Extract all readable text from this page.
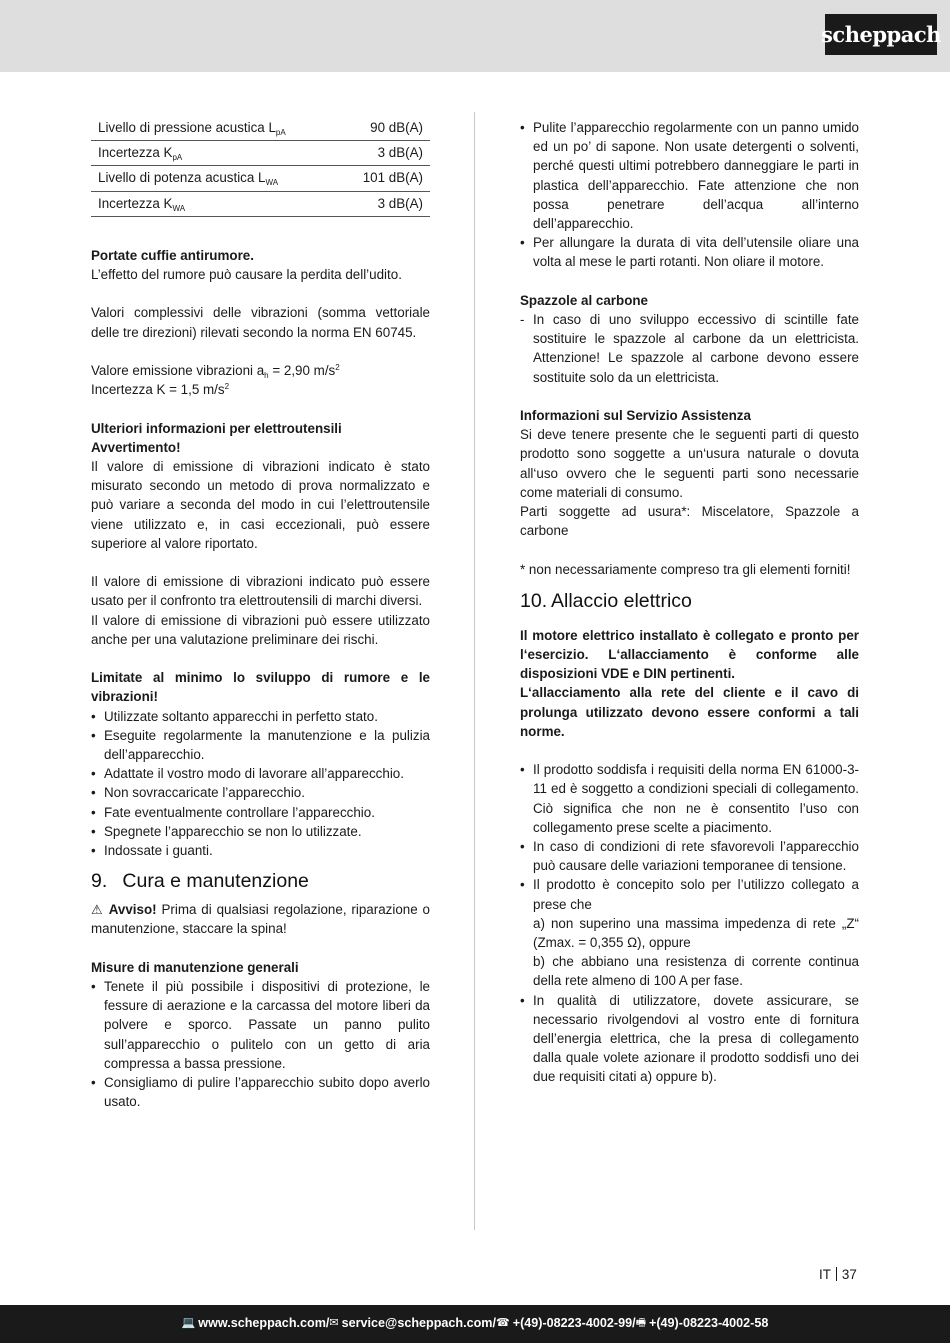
scheppach
Livello di pressione acustica $L_{pA}$	90 dB(A)
Incertezza $K_{pA}$	3 dB(A)
Livello di potenza acustica $L_{WA}$	101 dB(A)
Incertezza $K_{WA}$	3 dB(A)

Portate cuffie antirumore.

L’effetto del rumore può causare la perdita dell’udito.

Valori complessivi delle vibrazioni (somma vettoriale delle tre direzioni) rilevati secondo la norma EN 60745.

Valore emissione vibrazioni $a_h = 2,90$ $m/s^2$

Incertezza K = 1,5 $m/s^2$

Ulteriori informazioni per elettroutensili

Avvertimento!

Il valore di emissione di vibrazioni indicato è stato misurato secondo un metodo di prova normalizzato e può variare a seconda del modo in cui l’elettroutensile viene utilizzato e, in casi eccezionali, può essere superiore al valore riportato.

Il valore di emissione di vibrazioni indicato può essere usato per il confronto tra elettroutensili di marchi diversi.

Il valore di emissione di vibrazioni può essere utilizzato anche per una valutazione preliminare dei rischi.

Limitate al minimo lo sviluppo di rumore e le vibrazioni!

• Utilizzate soltanto apparecchi in perfetto stato.
• Eseguite regolarmente la manutenzione e la pulizia dell’apparecchio.
• Adattate il vostro modo di lavorare all’apparecchio.
• Non sovraccaricate l’apparecchio.
• Fate eventualmente controllare l’apparecchio.
• Spegnete l’apparecchio se non lo utilizzate.
• Indossate i guanti.
9.  Cura e manutenzione

⚠ Avviso! Prima di qualsiasi regolazione, riparazione o manutenzione, staccare la spina!

Misure di manutenzione generali

• Tenete il più possibile i dispositivi di protezione, le fessure di aerazione e la carcassa del motore liberi da polvere e sporco. Passate un panno pulito sull’apparecchio o pulitelo con un getto di aria compressa a bassa pressione.
• Consigliamo di pulire l’apparecchio subito dopo averlo usato.
• Pulite l’apparecchio regolarmente con un panno umido ed un po’ di sapone. Non usate detergenti o solventi, perché questi ultimi potrebbero danneggiare le parti in plastica dell’apparecchio. Fate attenzione che non possa penetrare dell’acqua all’interno dell’apparecchio.
• Per allungare la durata di vita dell’utensile oliare una volta al mese le parti rotanti. Non oliare il motore.

Spazzole al carbone

- In caso di uno sviluppo eccessivo di scintille fate sostituire le spazzole al carbone da un elettricista. Attenzione! Le spazzole al carbone devono essere sostituite solo da un elettricista.

Informazioni sul Servizio Assistenza

Si deve tenere presente che le seguenti parti di questo prodotto sono soggette a un‘usura naturale o dovuta all‘uso ovvero che le seguenti parti sono necessarie come materiali di consumo.

Parti soggette ad usura*: Miscelatore, Spazzole a carbone

* non necessariamente compreso tra gli elementi forniti!

10. Allaccio elettrico

Il motore elettrico installato è collegato e pronto per l‘esercizio. L‘allacciamento è conforme alle disposizioni VDE e DIN pertinenti.

L‘allacciamento alla rete del cliente e il cavo di prolunga utilizzato devono essere conformi a tali norme.

• Il prodotto soddisfa i requisiti della norma EN 61000-3-11 ed è soggetto a condizioni speciali di collegamento. Ciò significa che non ne è consentito l’uso con collegamento prese scelte a piacimento.
• In caso di condizioni di rete sfavorevoli l’apparecchio può causare delle variazioni temporanee di tensione.
• Il prodotto è concepito solo per l’utilizzo collegato a prese che
a) non superino una massima impedenza di rete „Z“ (Zmax. = 0,355 Ω), oppure
b) che abbiano una resistenza di corrente continua della rete almeno di 100 A per fase.
• In qualità di utilizzatore, dovete assicurare, se necessario rivolgendovi al vostro ente di fornitura dell’energia elettrica, che la presa di collegamento dalla quale volete azionare il prodotto soddisfi uno dei due requisiti citati a) oppure b).
IT 37
💻 www.scheppach.com / ✉ service@scheppach.com / ☎ +(49)-08223-4002-99 / 🖷 +(49)-08223-4002-58
